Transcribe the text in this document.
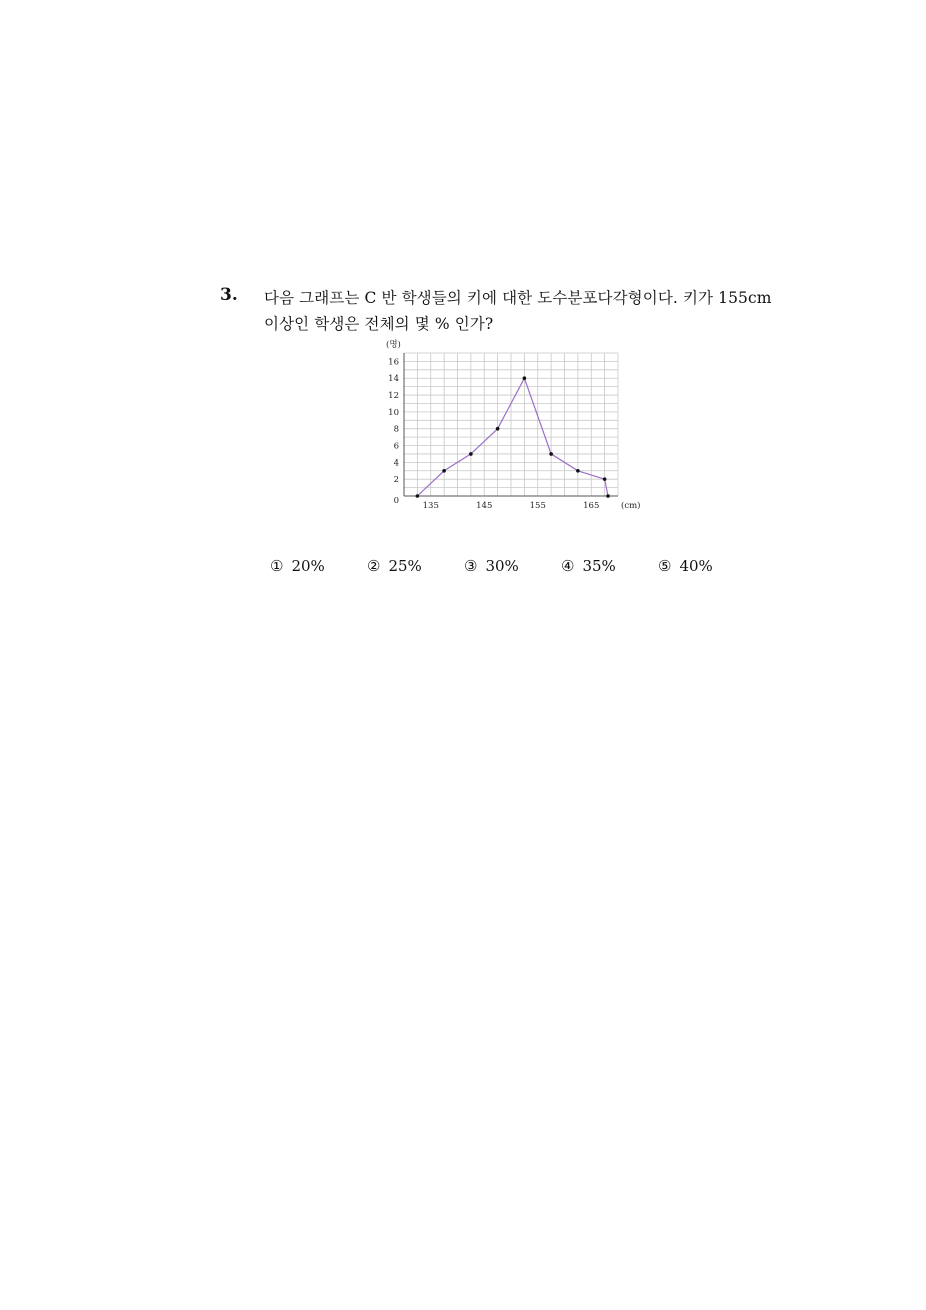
3. 다음 그래프는 C 반 학생들의 키에 대한 도수분포다각형이다. 키가 155cm
이상인 학생은 전체의 몇 % 인가?
0
2
4
6
8
10
12
14
16
135	145	155	165
(명)
(cm)
① 20%	② 25%	③ 30%	④ 35%	⑤ 40%
